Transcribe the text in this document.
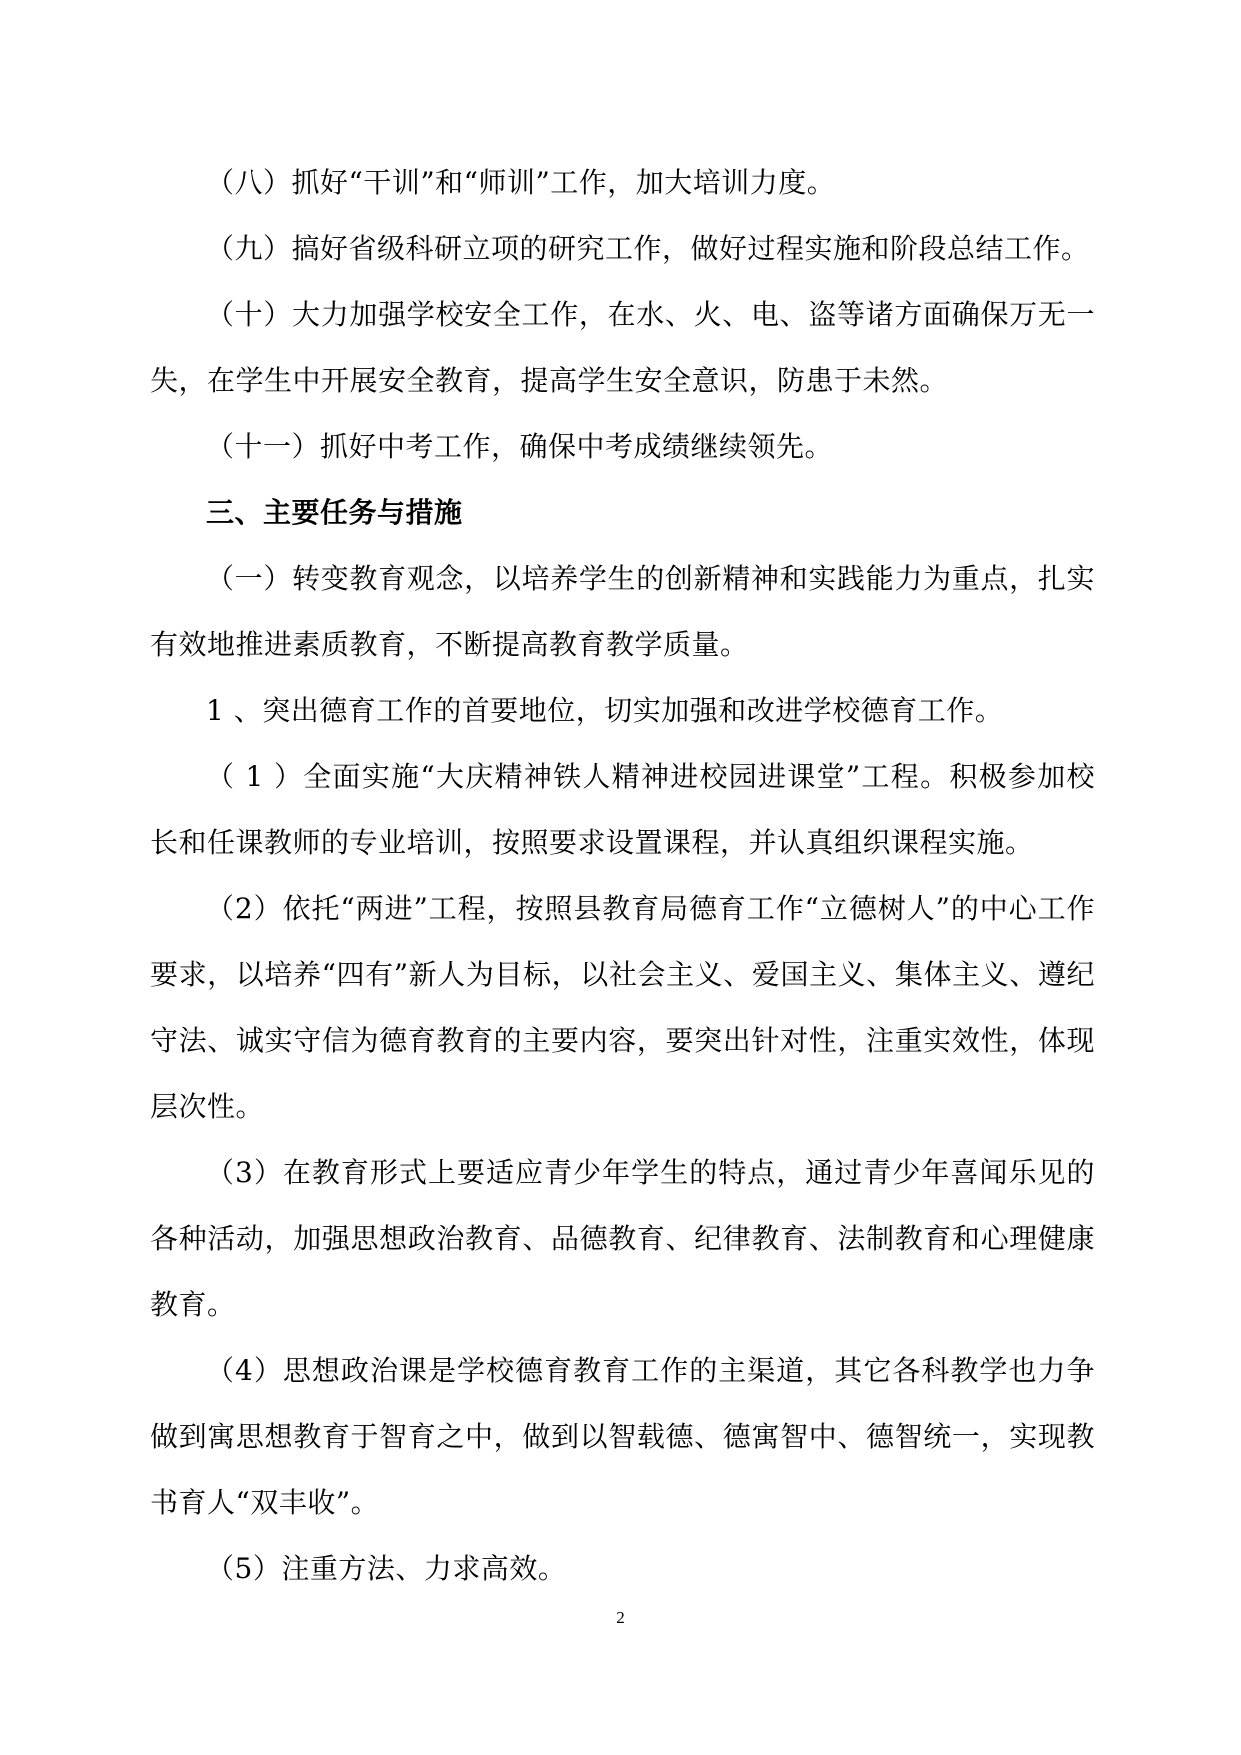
（八）抓好“干训”和“师训”工作，加大培训力度。

（九）搞好省级科研立项的研究工作，做好过程实施和阶段总结工作。

（十）大力加强学校安全工作，在水、火、电、盗等诸方面确保万无一失，在学生中开展安全教育，提高学生安全意识，防患于未然。

（十一）抓好中考工作，确保中考成绩继续领先。

三、主要任务与措施

（一）转变教育观念，以培养学生的创新精神和实践能力为重点，扎实有效地推进素质教育，不断提高教育教学质量。

1 、突出德育工作的首要地位，切实加强和改进学校德育工作。

（ 1 ）全面实施“大庆精神铁人精神进校园进课堂”工程。积极参加校长和任课教师的专业培训，按照要求设置课程，并认真组织课程实施。

（2）依托“两进”工程，按照县教育局德育工作“立德树人”的中心工作要求，以培养“四有”新人为目标，以社会主义、爱国主义、集体主义、遵纪守法、诚实守信为德育教育的主要内容，要突出针对性，注重实效性，体现层次性。

（3）在教育形式上要适应青少年学生的特点，通过青少年喜闻乐见的各种活动，加强思想政治教育、品德教育、纪律教育、法制教育和心理健康教育。

（4）思想政治课是学校德育教育工作的主渠道，其它各科教学也力争做到寓思想教育于智育之中，做到以智载德、德寓智中、德智统一，实现教书育人“双丰收”。

（5）注重方法、力求高效。

2
